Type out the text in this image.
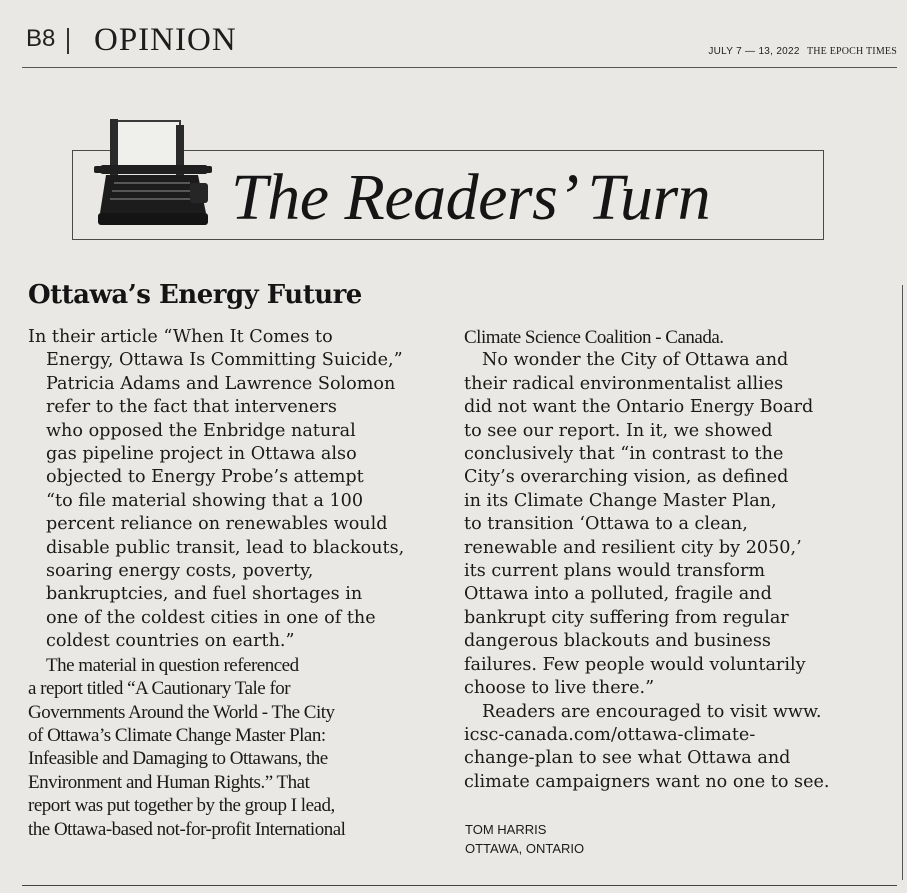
B8 OPINION	JULY 7 — 13, 2022 THE EPOCH TIMES
The Readers’ Turn
Ottawa’s Energy Future

In their article “When It Comes to
Energy, Ottawa Is Committing Suicide,”
Patricia Adams and Lawrence Solomon
refer to the fact that interveners
who opposed the Enbridge natural
gas pipeline project in Ottawa also
objected to Energy Probe’s attempt
“to file material showing that a 100
percent reliance on renewables would
disable public transit, lead to blackouts,
soaring energy costs, poverty,
bankruptcies, and fuel shortages in
one of the coldest cities in one of the
coldest countries on earth.”

The material in question referenced
a report titled “A Cautionary Tale for
Governments Around the World - The City
of Ottawa’s Climate Change Master Plan:
Infeasible and Damaging to Ottawans, the
Environment and Human Rights.” That
report was put together by the group I lead,
the Ottawa-based not-for-profit International

Climate Science Coalition - Canada.

No wonder the City of Ottawa and
their radical environmentalist allies
did not want the Ontario Energy Board
to see our report. In it, we showed
conclusively that “in contrast to the
City’s overarching vision, as defined
in its Climate Change Master Plan,
to transition ‘Ottawa to a clean,
renewable and resilient city by 2050,’
its current plans would transform
Ottawa into a polluted, fragile and
bankrupt city suffering from regular
dangerous blackouts and business
failures. Few people would voluntarily
choose to live there.”

Readers are encouraged to visit www.
icsc-canada.com/ottawa-climate-
change-plan to see what Ottawa and
climate campaigners want no one to see.

TOM HARRIS
OTTAWA, ONTARIO
